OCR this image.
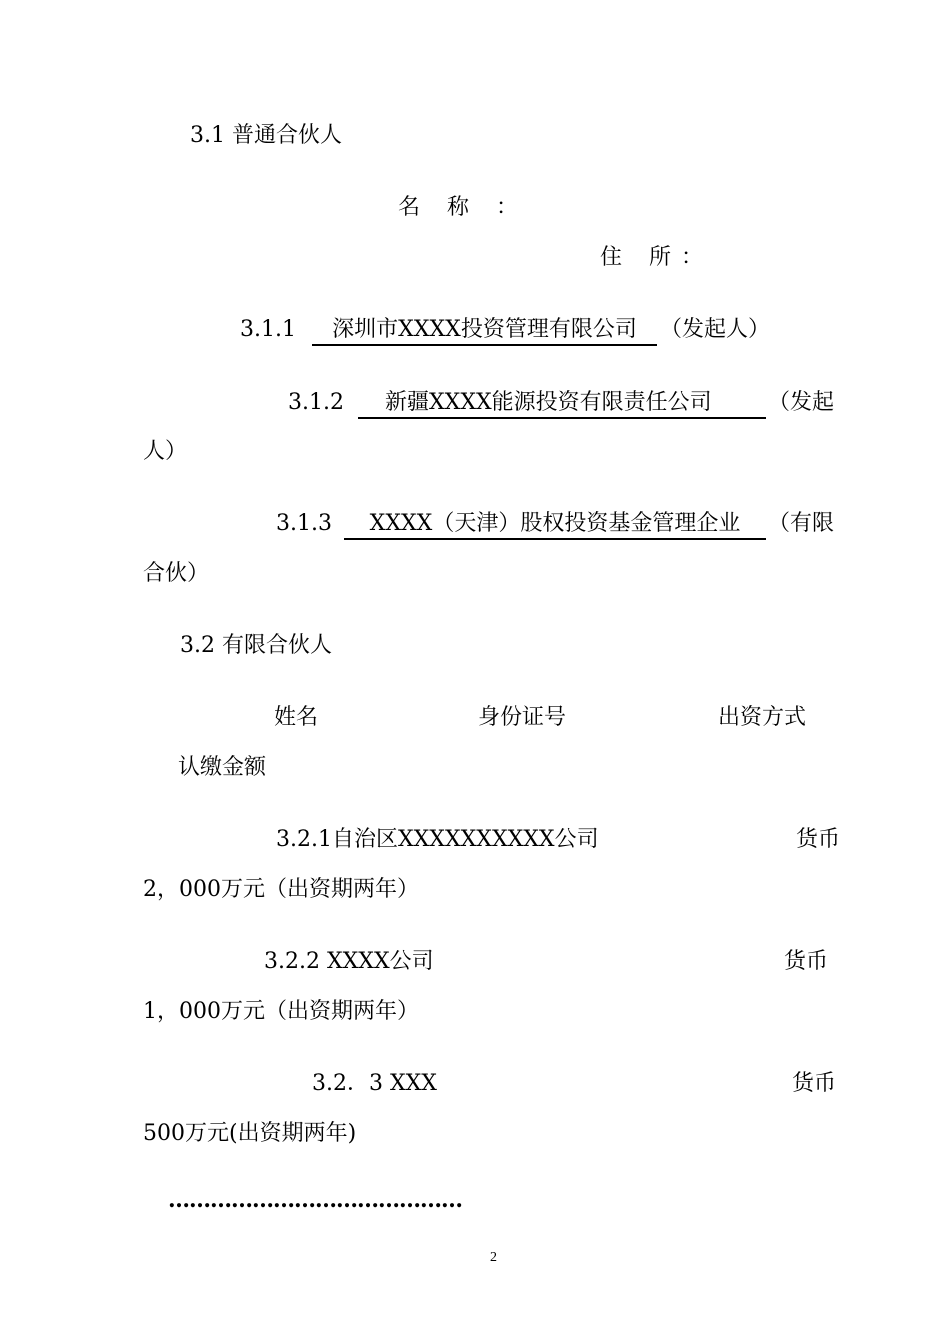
3.1 普通合伙人
名 称 ：
住 所：
3.1.1	深圳市XXXX投资管理有限公司	（发起人）
3.1.2	新疆XXXX能源投资有限责任公司	（发起
人）
3.1.3	XXXX（天津）股权投资基金管理企业	（有限
合伙）
3.2 有限合伙人
姓名	身份证号	出资方式
认缴金额
3.2.1自治区XXXXXXXXXX公司	货币
2，000万元（出资期两年）
3.2.2 XXXX公司	货币
1，000万元（出资期两年）
3.2．3 XXX	货币
500万元(出资期两年)
……………………………………
2
